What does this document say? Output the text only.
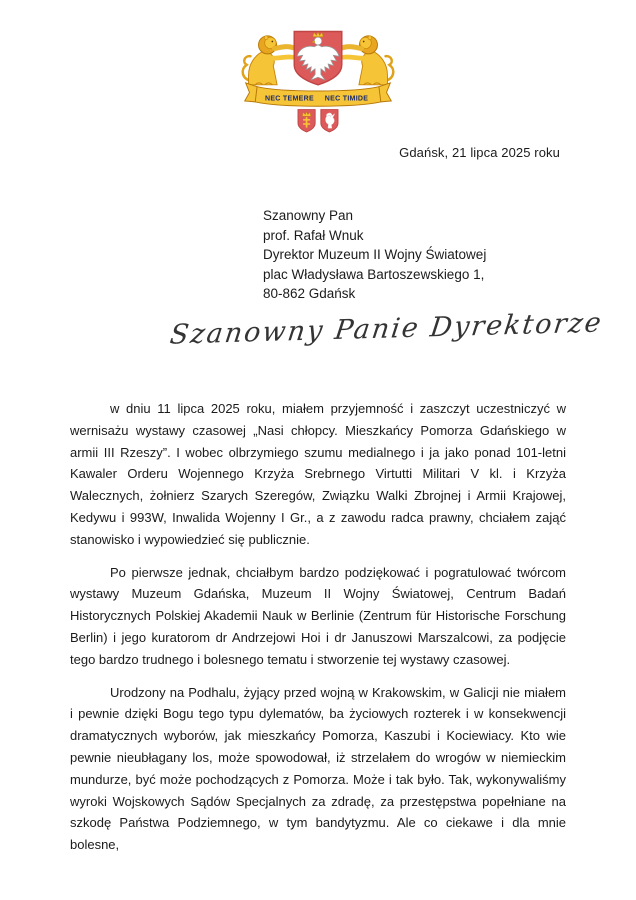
NEC TEMERE NEC TIMIDE
Gdańsk, 21 lipca 2025 roku
Szanowny Pan
prof. Rafał Wnuk
Dyrektor Muzeum II Wojny Światowej
plac Władysława Bartoszewskiego 1,
80-862 Gdańsk
Szanowny Panie Dyrektorze

w dniu 11 lipca 2025 roku, miałem przyjemność i zaszczyt uczestniczyć w wernisażu wystawy czasowej „Nasi chłopcy. Mieszkańcy Pomorza Gdańskiego w armii III Rzeszy”. I wobec olbrzymiego szumu medialnego i ja jako ponad 101-letni Kawaler Orderu Wojennego Krzyża Srebrnego Virtutti Militari V kl. i Krzyża Walecznych, żołnierz Szarych Szeregów, Związku Walki Zbrojnej i Armii Krajowej, Kedywu i 993W, Inwalida Wojenny I Gr., a z zawodu radca prawny, chciałem zająć stanowisko i wypowiedzieć się publicznie.

Po pierwsze jednak, chciałbym bardzo podziękować i pogratulować twórcom wystawy Muzeum Gdańska, Muzeum II Wojny Światowej, Centrum Badań Historycznych Polskiej Akademii Nauk w Berlinie (Zentrum für Historische Forschung Berlin) i jego kuratorom dr Andrzejowi Hoi i dr Januszowi Marszalcowi, za podjęcie tego bardzo trudnego i bolesnego tematu i stworzenie tej wystawy czasowej.

Urodzony na Podhalu, żyjący przed wojną w Krakowskim, w Galicji nie miałem i pewnie dzięki Bogu tego typu dylematów, ba życiowych rozterek i w konsekwencji dramatycznych wyborów, jak mieszkańcy Pomorza, Kaszubi i Kociewiacy. Kto wie pewnie nieubłagany los, może spowodował, iż strzelałem do wrogów w niemieckim mundurze, być może pochodzących z Pomorza. Może i tak było. Tak, wykonywaliśmy wyroki Wojskowych Sądów Specjalnych za zdradę, za przestępstwa popełniane na szkodę Państwa Podziemnego, w tym bandytyzmu. Ale co ciekawe i dla mnie bolesne,
